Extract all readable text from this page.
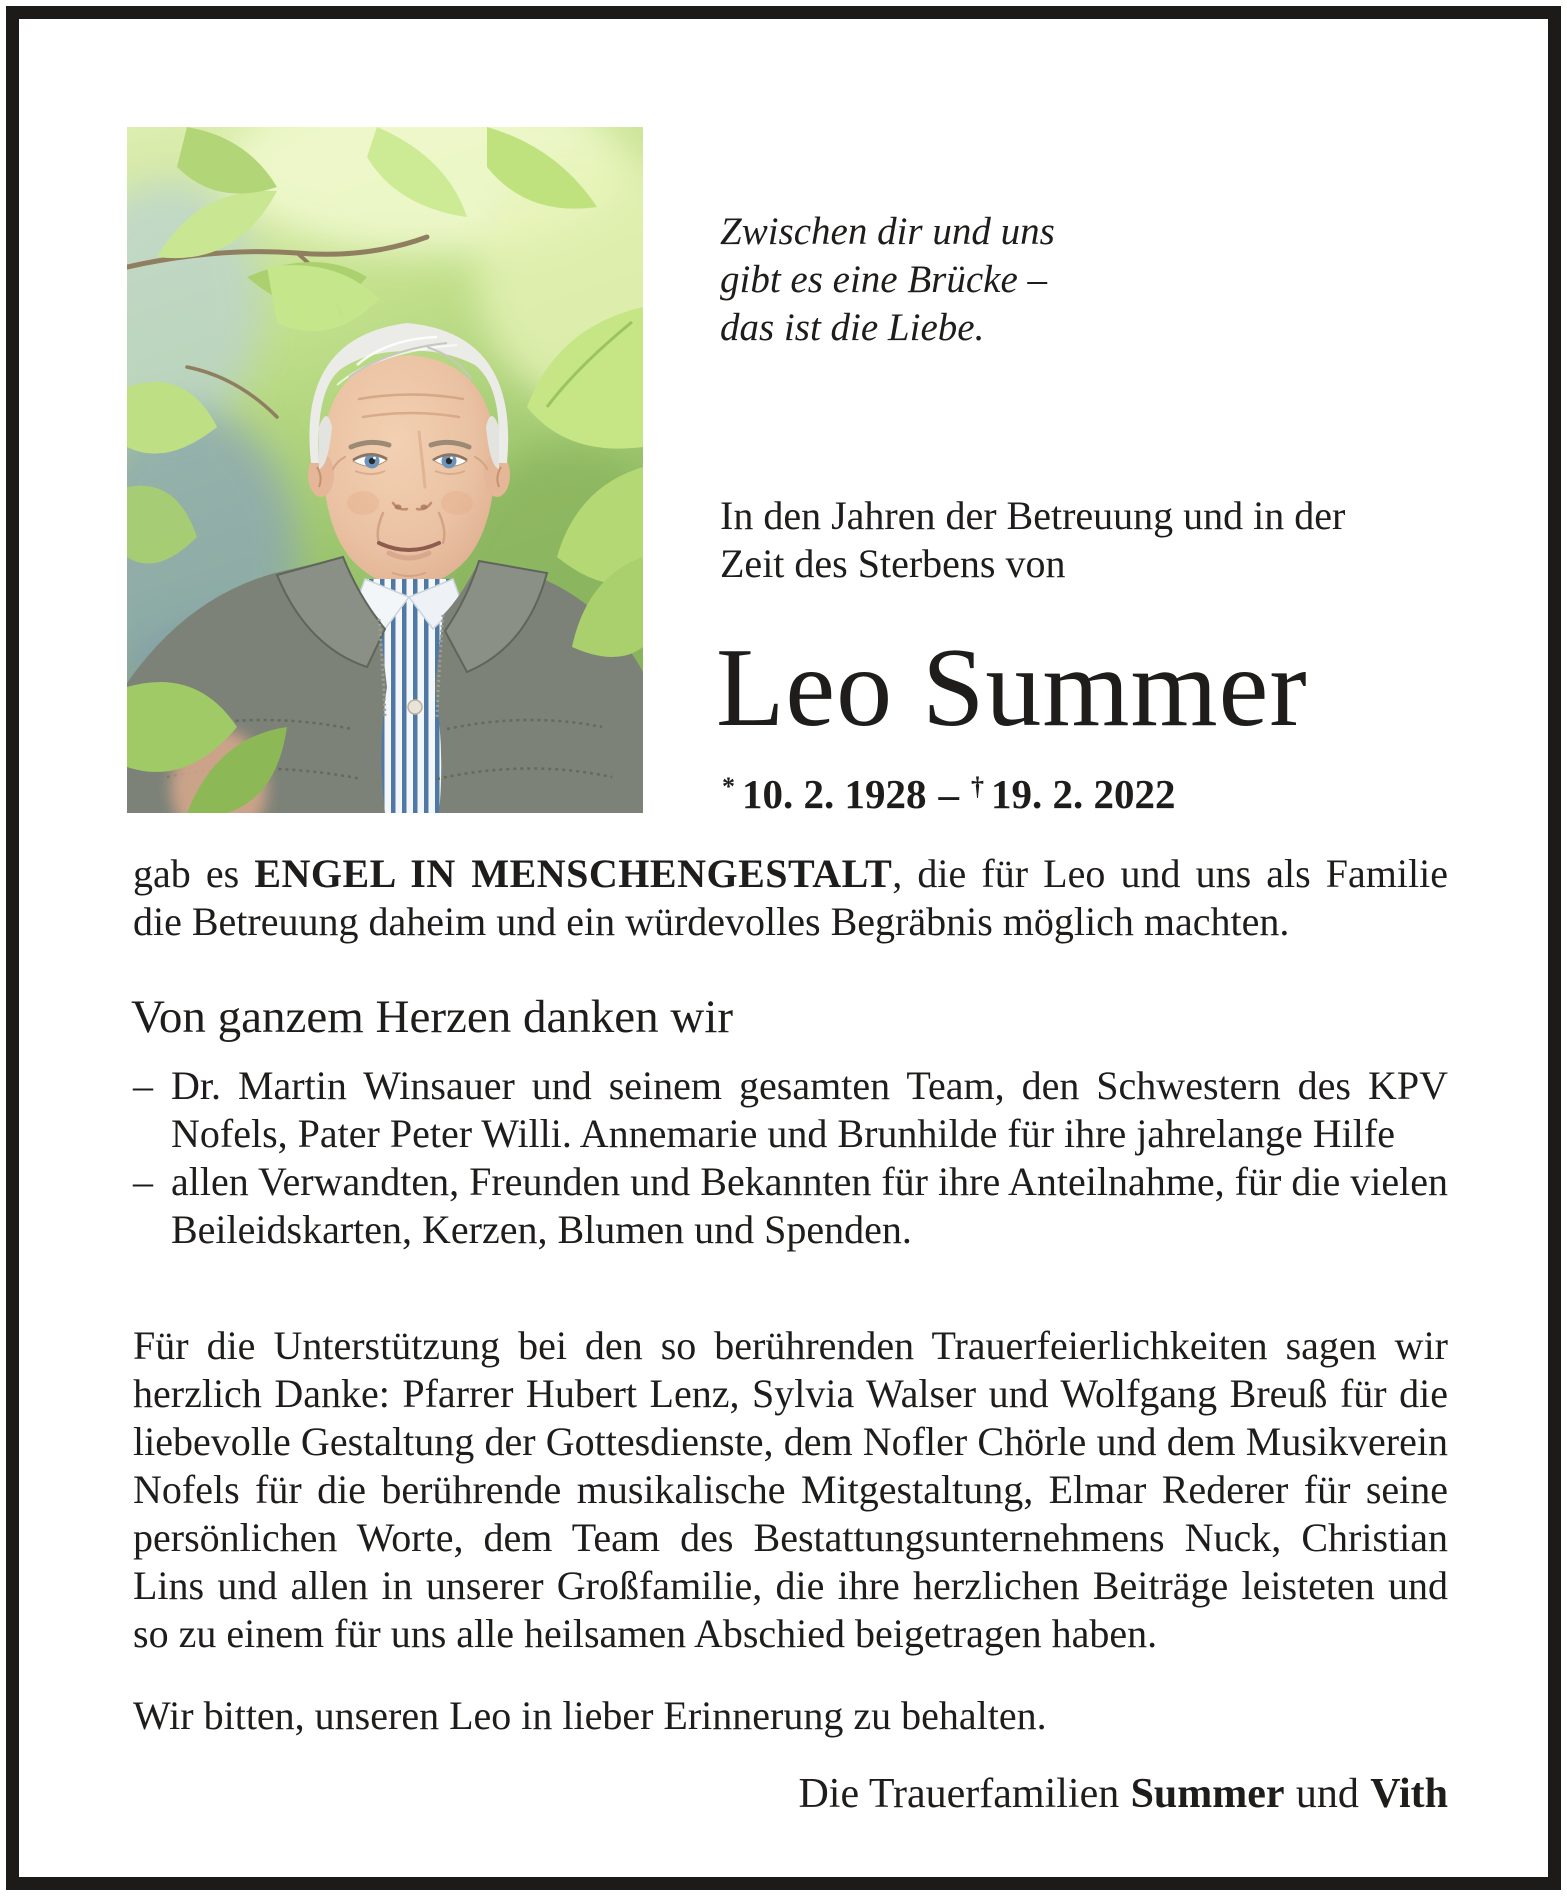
Zwischen dir und uns
gibt es eine Brücke –
das ist die Liebe.
In den Jahren der Betreuung und in der
Zeit des Sterbens von
Leo Summer
* 10. 2. 1928 – † 19. 2. 2022
gab es ENGEL IN MENSCHENGESTALT, die für Leo und uns als Familie die Betreuung daheim und ein würdevolles Begräbnis möglich machten.
Von ganzem Herzen danken wir
– Dr. Martin Winsauer und seinem gesamten Team, den Schwestern des KPV Nofels, Pater Peter Willi. Annemarie und Brunhilde für ihre jahrelange Hilfe
– allen Verwandten, Freunden und Bekannten für ihre Anteilnahme, für die vielen Beileidskarten, Kerzen, Blumen und Spenden.
Für die Unterstützung bei den so berührenden Trauerfeierlichkeiten sagen wir herzlich Danke: Pfarrer Hubert Lenz, Sylvia Walser und Wolfgang Breuß für die liebevolle Gestaltung der Gottesdienste, dem Nofler Chörle und dem Musikverein Nofels für die berührende musikalische Mitgestaltung, Elmar Rederer für seine persönlichen Worte, dem Team des Bestattungsunternehmens Nuck, Christian Lins und allen in unserer Großfamilie, die ihre herzlichen Beiträge leisteten und so zu einem für uns alle heilsamen Abschied beigetragen haben.
Wir bitten, unseren Leo in lieber Erinnerung zu behalten.
Die Trauerfamilien Summer und Vith
